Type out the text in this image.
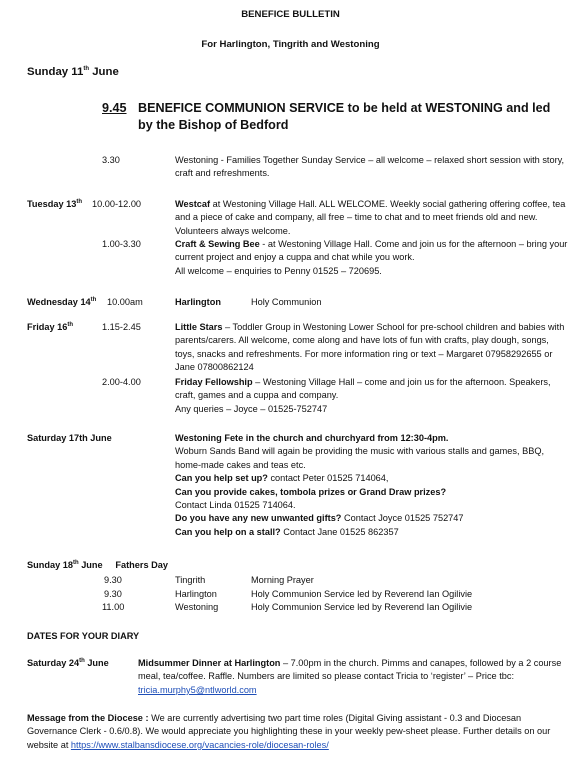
BENEFICE BULLETIN
For Harlington, Tingrith and Westoning
Sunday 11th June
9.45 BENEFICE COMMUNION SERVICE to be held at WESTONING and led by the Bishop of Bedford
3.30	Westoning - Families Together Sunday Service – all welcome – relaxed short session with story, craft and refreshments.
Tuesday 13th 10.00-12.00	Westcaf at Westoning Village Hall. ALL WELCOME. Weekly social gathering offering coffee, tea and a piece of cake and company, all free – time to chat and to meet friends old and new. Volunteers always welcome.
1.00-3.30	Craft & Sewing Bee - at Westoning Village Hall. Come and join us for the afternoon – bring your current project and enjoy a cuppa and chat while you work.
All welcome – enquiries to Penny 01525 – 720695.
Wednesday 14th 10.00am	Harlington	Holy Communion
Friday 16th	1.15-2.45	Little Stars – Toddler Group in Westoning Lower School for pre-school children and babies with parents/carers. All welcome, come along and have lots of fun with crafts, play dough, songs, toys, snacks and refreshments. For more information ring or text – Margaret 07958292655 or Jane 07800862124
2.00-4.00	Friday Fellowship – Westoning Village Hall – come and join us for the afternoon. Speakers, craft, games and a cuppa and company.
Any queries – Joyce – 01525-752747
Saturday 17th June	Westoning Fete in the church and churchyard from 12:30-4pm.
Woburn Sands Band will again be providing the music with various stalls and games, BBQ, home-made cakes and teas etc.
Can you help set up? contact Peter 01525 714064,
Can you provide cakes, tombola prizes or Grand Draw prizes?
Contact Linda 01525 714064.
Do you have any new unwanted gifts? Contact Joyce 01525 752747
Can you help on a stall? Contact Jane 01525 862357
Sunday 18th June     Fathers Day
9.30	Tingrith	Morning Prayer
9.30	Harlington	Holy Communion Service led by Reverend Ian Ogilivie
11.00	Westoning	Holy Communion Service led by Reverend Ian Ogilivie
DATES FOR YOUR DIARY
Saturday 24th June	Midsummer Dinner at Harlington – 7.00pm in the church. Pimms and canapes, followed by a 2 course meal, tea/coffee. Raffle. Numbers are limited so please contact Tricia to ‘register’ – Price tbc: tricia.murphy5@ntlworld.com
Message from the Diocese : We are currently advertising two part time roles (Digital Giving assistant - 0.3 and Diocesan Governance Clerk - 0.6/0.8). We would appreciate you highlighting these in your weekly pew-sheet please. Further details on our website at https://www.stalbansdiocese.org/vacancies-role/diocesan-roles/
